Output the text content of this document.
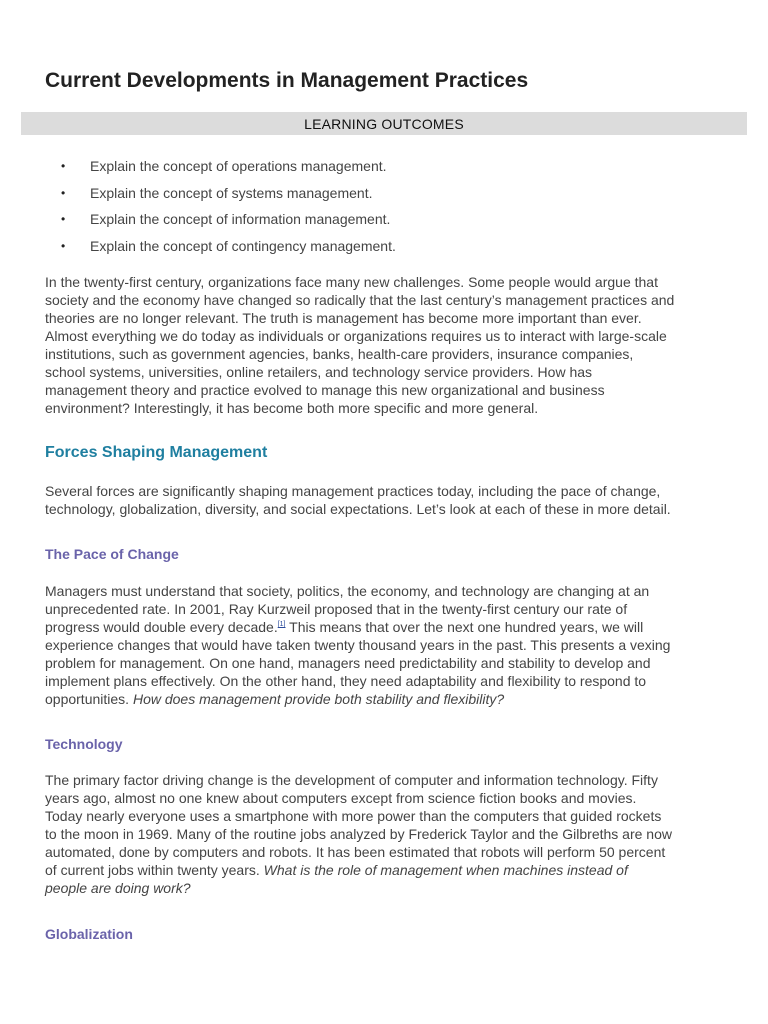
Current Developments in Management Practices
LEARNING OUTCOMES
• Explain the concept of operations management.
• Explain the concept of systems management.
• Explain the concept of information management.
• Explain the concept of contingency management.

In the twenty-first century, organizations face many new challenges. Some people would argue that
society and the economy have changed so radically that the last century’s management practices and
theories are no longer relevant. The truth is management has become more important than ever.
Almost everything we do today as individuals or organizations requires us to interact with large-scale
institutions, such as government agencies, banks, health-care providers, insurance companies,
school systems, universities, online retailers, and technology service providers. How has
management theory and practice evolved to manage this new organizational and business
environment? Interestingly, it has become both more specific and more general.

Forces Shaping Management

Several forces are significantly shaping management practices today, including the pace of change,
technology, globalization, diversity, and social expectations. Let’s look at each of these in more detail.

The Pace of Change

Managers must understand that society, politics, the economy, and technology are changing at an
unprecedented rate. In 2001, Ray Kurzweil proposed that in the twenty-first century our rate of
progress would double every decade.[1] This means that over the next one hundred years, we will
experience changes that would have taken twenty thousand years in the past. This presents a vexing
problem for management. On one hand, managers need predictability and stability to develop and
implement plans effectively. On the other hand, they need adaptability and flexibility to respond to
opportunities. How does management provide both stability and flexibility?

Technology

The primary factor driving change is the development of computer and information technology. Fifty
years ago, almost no one knew about computers except from science fiction books and movies.
Today nearly everyone uses a smartphone with more power than the computers that guided rockets
to the moon in 1969. Many of the routine jobs analyzed by Frederick Taylor and the Gilbreths are now
automated, done by computers and robots. It has been estimated that robots will perform 50 percent
of current jobs within twenty years. What is the role of management when machines instead of
people are doing work?

Globalization
